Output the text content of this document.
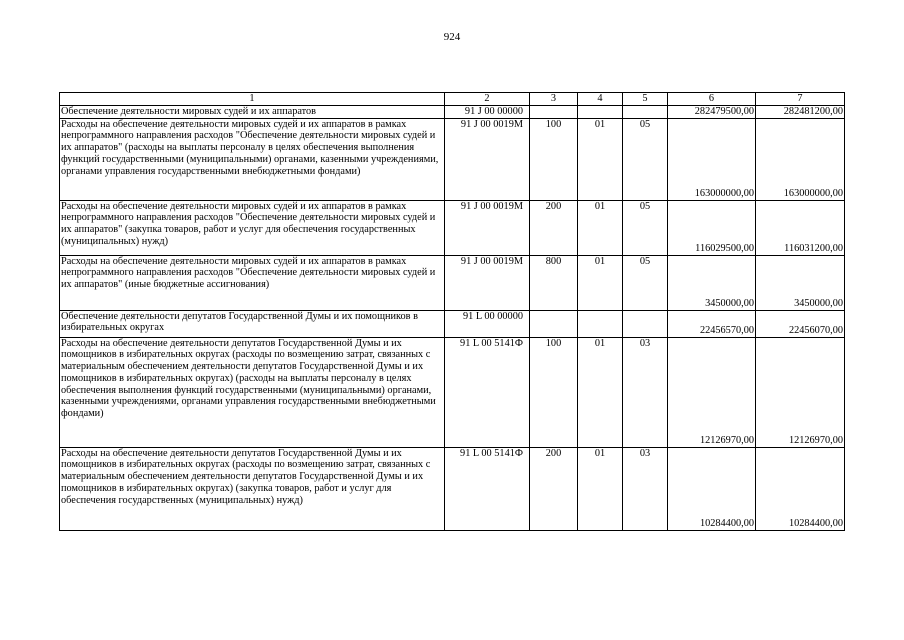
924
1	2	3	4	5	6	7
Обеспечение деятельности мировых судей и их аппаратов	91 J 00 00000				282479500,00	282481200,00
Расходы на обеспечение деятельности мировых судей и их аппаратов в рамках непрограммного направления расходов "Обеспечение деятельности мировых судей и их аппаратов" (расходы на выплаты персоналу в целях обеспечения выполнения функций государственными (муниципальными) органами, казенными учреждениями, органами управления государственными внебюджетными фондами)	91 J 00 0019М	100	01	05	163000000,00	163000000,00
Расходы на обеспечение деятельности мировых судей и их аппаратов в рамках непрограммного направления расходов "Обеспечение деятельности мировых судей и их аппаратов" (закупка товаров, работ и услуг для обеспечения государственных (муниципальных) нужд)	91 J 00 0019М	200	01	05	116029500,00	116031200,00
Расходы на обеспечение деятельности мировых судей и их аппаратов в рамках непрограммного направления расходов "Обеспечение деятельности мировых судей и их аппаратов" (иные бюджетные ассигнования)	91 J 00 0019М	800	01	05	3450000,00	3450000,00
Обеспечение деятельности депутатов Государственной Думы и их помощников в избирательных округах	91 L 00 00000				22456570,00	22456070,00
Расходы на обеспечение деятельности депутатов Государственной Думы и их помощников в избирательных округах (расходы по возмещению затрат, связанных с материальным обеспечением деятельности депутатов Государственной Думы и их помощников в избирательных округах) (расходы на выплаты персоналу в целях обеспечения выполнения функций государственными (муниципальными) органами, казенными учреждениями, органами управления государственными внебюджетными фондами)	91 L 00 5141Ф	100	01	03	12126970,00	12126970,00
Расходы на обеспечение деятельности депутатов Государственной Думы и их помощников в избирательных округах (расходы по возмещению затрат, связанных с материальным обеспечением деятельности депутатов Государственной Думы и их помощников в избирательных округах) (закупка товаров, работ и услуг для обеспечения государственных (муниципальных) нужд)	91 L 00 5141Ф	200	01	03	10284400,00	10284400,00
